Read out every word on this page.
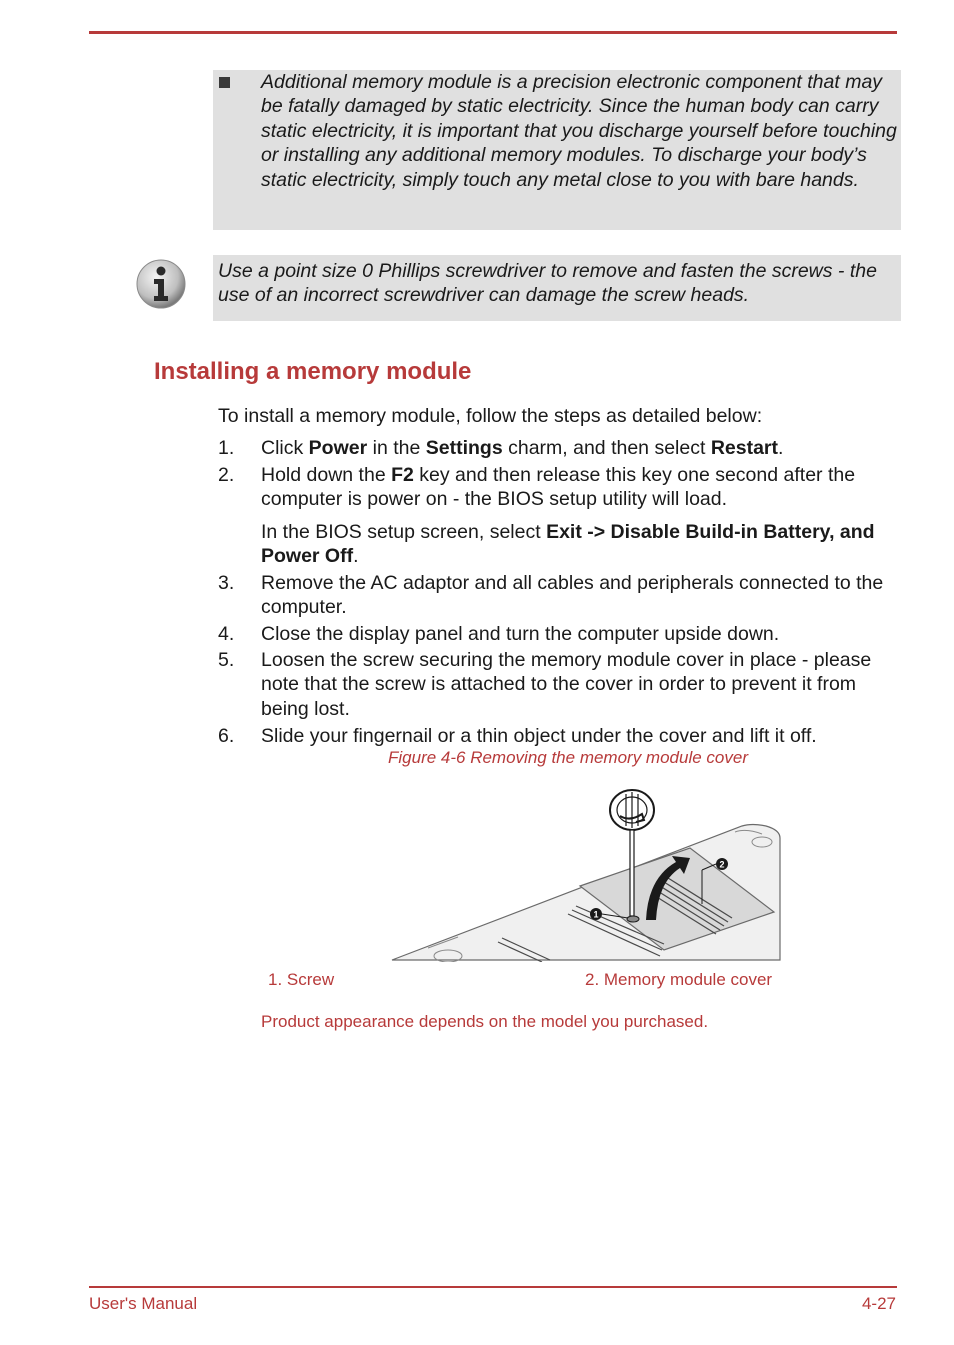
Additional memory module is a precision electronic component that may be fatally damaged by static electricity. Since the human body can carry static electricity, it is important that you discharge yourself before touching or installing any additional memory modules. To discharge your body’s static electricity, simply touch any metal close to you with bare hands.
Use a point size 0 Phillips screwdriver to remove and fasten the screws - the use of an incorrect screwdriver can damage the screw heads.
Installing a memory module
To install a memory module, follow the steps as detailed below:
1. Click Power in the Settings charm, and then select Restart.
2. Hold down the F2 key and then release this key one second after the computer is power on - the BIOS setup utility will load.
In the BIOS setup screen, select Exit -> Disable Build-in Battery, and Power Off.
3. Remove the AC adaptor and all cables and peripherals connected to the computer.
4. Close the display panel and turn the computer upside down.
5. Loosen the screw securing the memory module cover in place - please note that the screw is attached to the cover in order to prevent it from being lost.
6. Slide your fingernail or a thin object under the cover and lift it off.
Figure 4-6 Removing the memory module cover
1
2
1. Screw	2. Memory module cover
Product appearance depends on the model you purchased.
User's Manual	4-27
